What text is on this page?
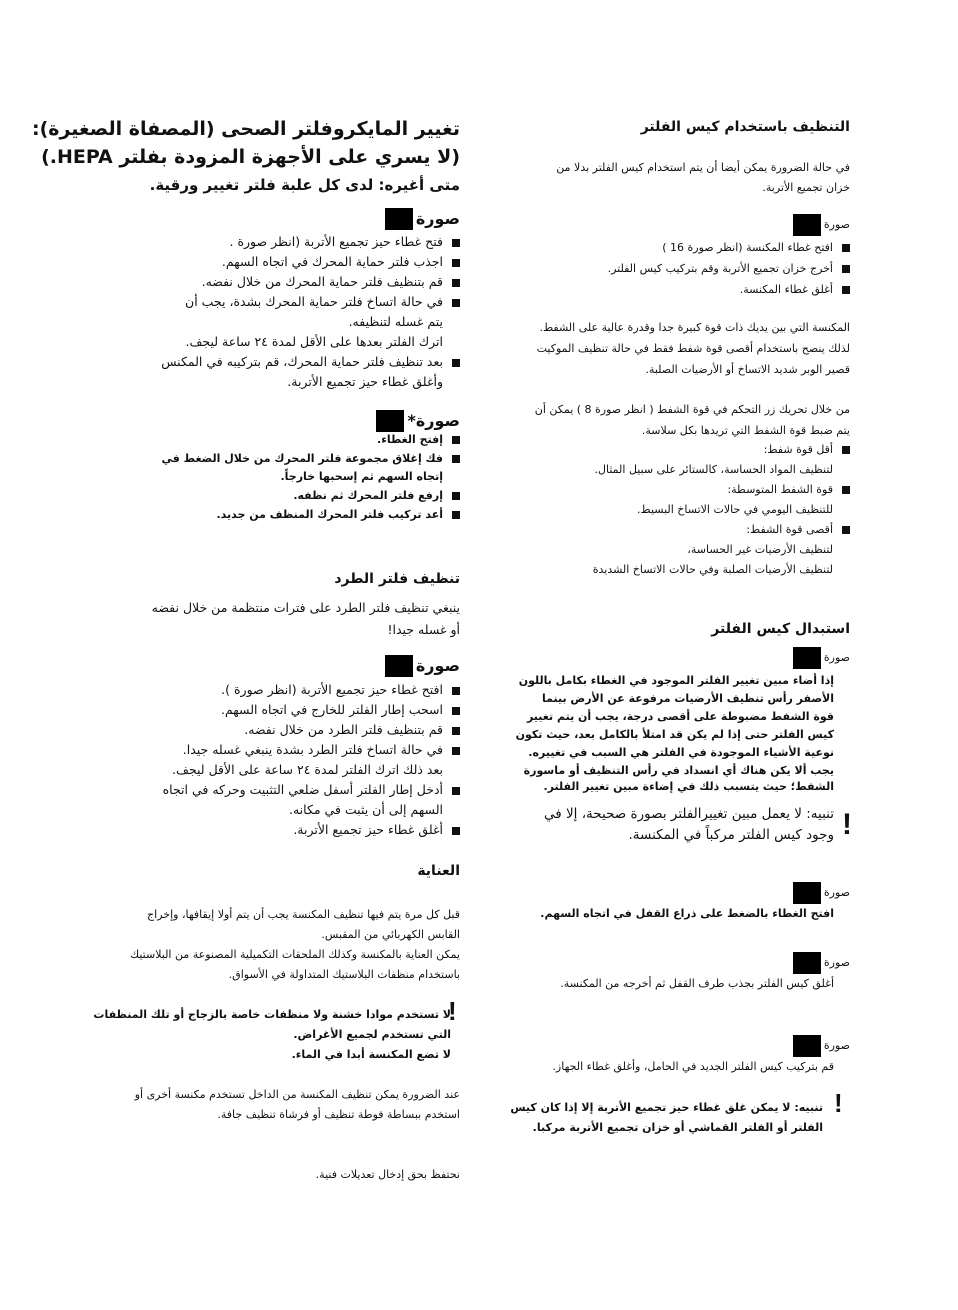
تغيير المايكروفلتر الصحى (المصفاة الصغيرة):
(لا يسري على الأجهزة المزودة بفلتر HEPA.)
متى أغيره: لدى كل علبة فلتر تغيير ورقية.
صورة
فتح غطاء حيز تجميع الأتربة (انظر صورة .
اجذب فلتر حماية المحرك في اتجاه السهم.
قم بتنظيف فلتر حماية المحرك من خلال نفضه.
في حالة اتساخ فلتر حماية المحرك بشدة، يجب أن
يتم غسله لتنظيفه.
اترك الفلتر بعدها على الأقل لمدة ٢٤ ساعة ليجف.
بعد تنظيف فلتر حماية المحرك، قم بتركيبه في المكنس
وأغلق غطاء حيز تجميع الأتربة.
صورة*
إفتح الغطاء.
فك إغلاق مجموعة فلتر المحرك من خلال الضغط في
إتجاه السهم ثم إسحبها خارجاً.
إرفع فلتر المحرك ثم نظفه.
أعد تركيب فلتر المحرك المنظف من جديد.
تنظيف فلتر الطرد
ينبغي تنظيف فلتر الطرد على فترات منتظمة من خلال نفضه
أو غسله جيدا!
صورة
افتح غطاء حيز تجميع الأتربة (انظر صورة ).
اسحب إطار الفلتر للخارج في اتجاه السهم.
قم بتنظيف فلتر الطرد من خلال نفضه.
في حالة اتساخ فلتر الطرد بشدة ينبغي غسله جيدا.
بعد ذلك اترك الفلتر لمدة ٢٤ ساعة على الأقل ليجف.
أدخل إطار الفلتر أسفل ضلعي التثبيت وحركه في اتجاه
السهم إلى أن يثبت في مكانه.
أغلق غطاء حيز تجميع الأتربة.
العناية
قبل كل مرة يتم فيها تنظيف المكنسة يجب أن يتم أولا إيقافها، وإخراج
القابس الكهربائي من المقبس.
يمكن العناية بالمكنسة وكذلك الملحقات التكميلية المصنوعة من البلاستيك
باستخدام منظفات البلاستيك المتداولة في الأسواق.
!
لا تستخدم موادا خشنة ولا منظفات خاصة بالزجاج أو تلك المنظفات
التي تستخدم لجميع الأغراض.
لا تضع المكنسة أبدا في الماء.
عند الضرورة يمكن تنظيف المكنسة من الداخل تستخدم مكنسة أخرى أو
استخدم ببساطة فوطة تنظيف أو فرشاة تنظيف جافة.
نحتفظ بحق إدخال تعديلات فنية.
التنظيف باستخدام كيس الفلتر
في حالة الضرورة يمكن أيضا أن يتم استخدام كيس الفلتر بدلا من
خزان تجميع الأتربة.
صورة
افتح غطاء المكنسة (انظر صورة 16 )
أخرج خزان تجميع الأتربة وقم بتركيب كيس الفلتر.
أغلق غطاء المكنسة.
المكنسة التي بين يديك ذات قوة كبيرة جدا وقدرة عالية على الشفط.
لذلك ينصح باستخدام أقصى قوة شفط فقط في حالة تنظيف الموكيت
قصير الوبر شديد الاتساخ أو الأرضيات الصلبة.
من خلال تحريك زر التحكم في قوة الشفط ( انظر صورة 8 ) يمكن أن
يتم ضبط قوة الشفط التي تريدها بكل سلاسة.
أقل قوة شفط:
لتنظيف المواد الحساسة، كالستائر على سبيل المثال.
قوة الشفط المتوسطة:
للتنظيف اليومي في حالات الاتساخ البسيط.
أقصى قوة الشفط:
لتنظيف الأرضيات غير الحساسة،
لتنظيف الأرضيات الصلبة وفي حالات الاتساخ الشديدة
استبدال كيس الفلتر
صورة
إذا أضاء مبين تغيير الفلتر الموجود في الغطاء بكامل باللون
الأصفر رأس تنظيف الأرضيات مرفوعة عن الأرض بينما
قوة الشفط مضبوطة على أقصى درجة، يجب أن يتم تغيير
كيس الفلتر حتى إذا لم يكن قد امتلأ بالكامل بعد، حيث تكون
نوعية الأشياء الموجودة في الفلتر هي السبب في تغييره.
يجب ألا يكن هناك أي انسداد في رأس التنظيف أو ماسورة
الشفط؛ حيث يتسبب ذلك في إضاءة مبين تغيير الفلتر.
!
تنبيه: لا يعمل مبين تغييرالفلتر بصورة صحيحة، إلا في
وجود كيس الفلتر مركباً في المكنسة.
صورة
افتح الغطاء بالضغط على ذراع القفل في اتجاه السهم.
صورة
أغلق كيس الفلتر بجذب طرف القفل ثم أخرجه من المكنسة.
صورة
قم بتركيب كيس الفلتر الجديد في الحامل، وأغلق غطاء الجهاز.
!
تنبيه: لا يمكن غلق غطاء حيز تجميع الأتربة إلا إذا كان كيس
الفلتر أو الفلتر القماشي أو خزان تجميع الأتربة مركبا.
